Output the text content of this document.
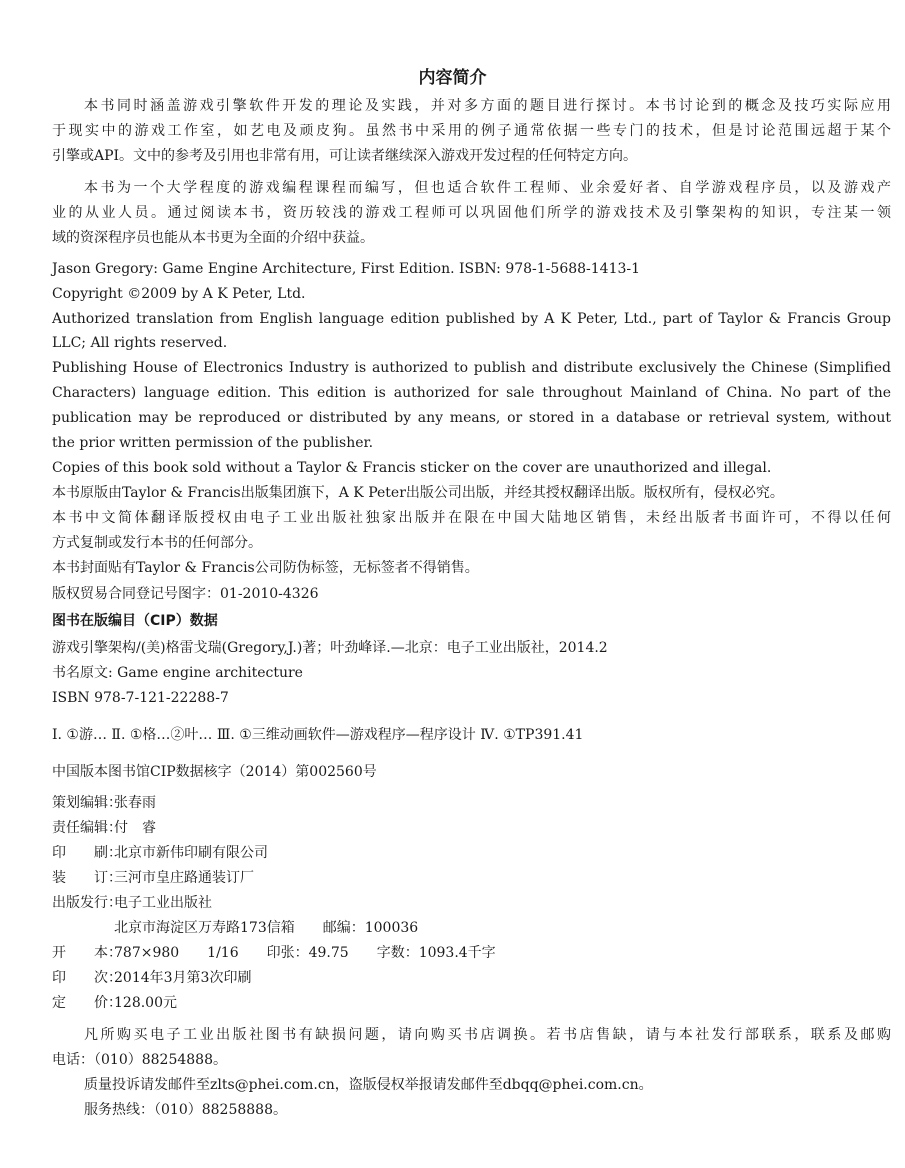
内容简介
本书同时涵盖游戏引擎软件开发的理论及实践，并对多方面的题目进行探讨。本书讨论到的概念及技巧实际应用
于现实中的游戏工作室，如艺电及顽皮狗。虽然书中采用的例子通常依据一些专门的技术，但是讨论范围远超于某个
引擎或API。文中的参考及引用也非常有用，可让读者继续深入游戏开发过程的任何特定方向。
本书为一个大学程度的游戏编程课程而编写，但也适合软件工程师、业余爱好者、自学游戏程序员，以及游戏产
业的从业人员。通过阅读本书，资历较浅的游戏工程师可以巩固他们所学的游戏技术及引擎架构的知识，专注某一领
域的资深程序员也能从本书更为全面的介绍中获益。
Jason Gregory: Game Engine Architecture, First Edition. ISBN: 978-1-5688-1413-1
Copyright ©2009 by A K Peter, Ltd.
Authorized translation from English language edition published by A K Peter, Ltd., part of Taylor & Francis Group
LLC; All rights reserved.
Publishing House of Electronics Industry is authorized to publish and distribute exclusively the Chinese (Simplified
Characters) language edition. This edition is authorized for sale throughout Mainland of China. No part of the
publication may be reproduced or distributed by any means, or stored in a database or retrieval system, without
the prior written permission of the publisher.
Copies of this book sold without a Taylor & Francis sticker on the cover are unauthorized and illegal.
本书原版由Taylor & Francis出版集团旗下，A K Peter出版公司出版，并经其授权翻译出版。版权所有，侵权必究。
本书中文简体翻译版授权由电子工业出版社独家出版并在限在中国大陆地区销售，未经出版者书面许可，不得以任何
方式复制或发行本书的任何部分。
本书封面贴有Taylor & Francis公司防伪标签，无标签者不得销售。
版权贸易合同登记号图字：01-2010-4326
图书在版编目（CIP）数据
游戏引擎架构/(美)格雷戈瑞(Gregory,J.)著；叶劲峰译.—北京：电子工业出版社，2014.2
书名原文: Game engine architecture
ISBN 978-7-121-22288-7
Ⅰ. ①游… Ⅱ. ①格…②叶… Ⅲ. ①三维动画软件—游戏程序—程序设计 Ⅳ. ①TP391.41
中国版本图书馆CIP数据核字（2014）第002560号
策划编辑：张春雨
责任编辑：付　睿
印　　刷：北京市新伟印刷有限公司
装　　订：三河市皇庄路通装订厂
出版发行：电子工业出版社
北京市海淀区万寿路173信箱 邮编：100036
开　　本：787×980　　1/16　　印张：49.75　　字数：1093.4千字
印　　次：2014年3月第3次印刷
定　　价：128.00元
凡所购买电子工业出版社图书有缺损问题，请向购买书店调换。若书店售缺，请与本社发行部联系，联系及邮购
电话：（010）88254888。
质量投诉请发邮件至zlts@phei.com.cn，盗版侵权举报请发邮件至dbqq@phei.com.cn。
服务热线：（010）88258888。
